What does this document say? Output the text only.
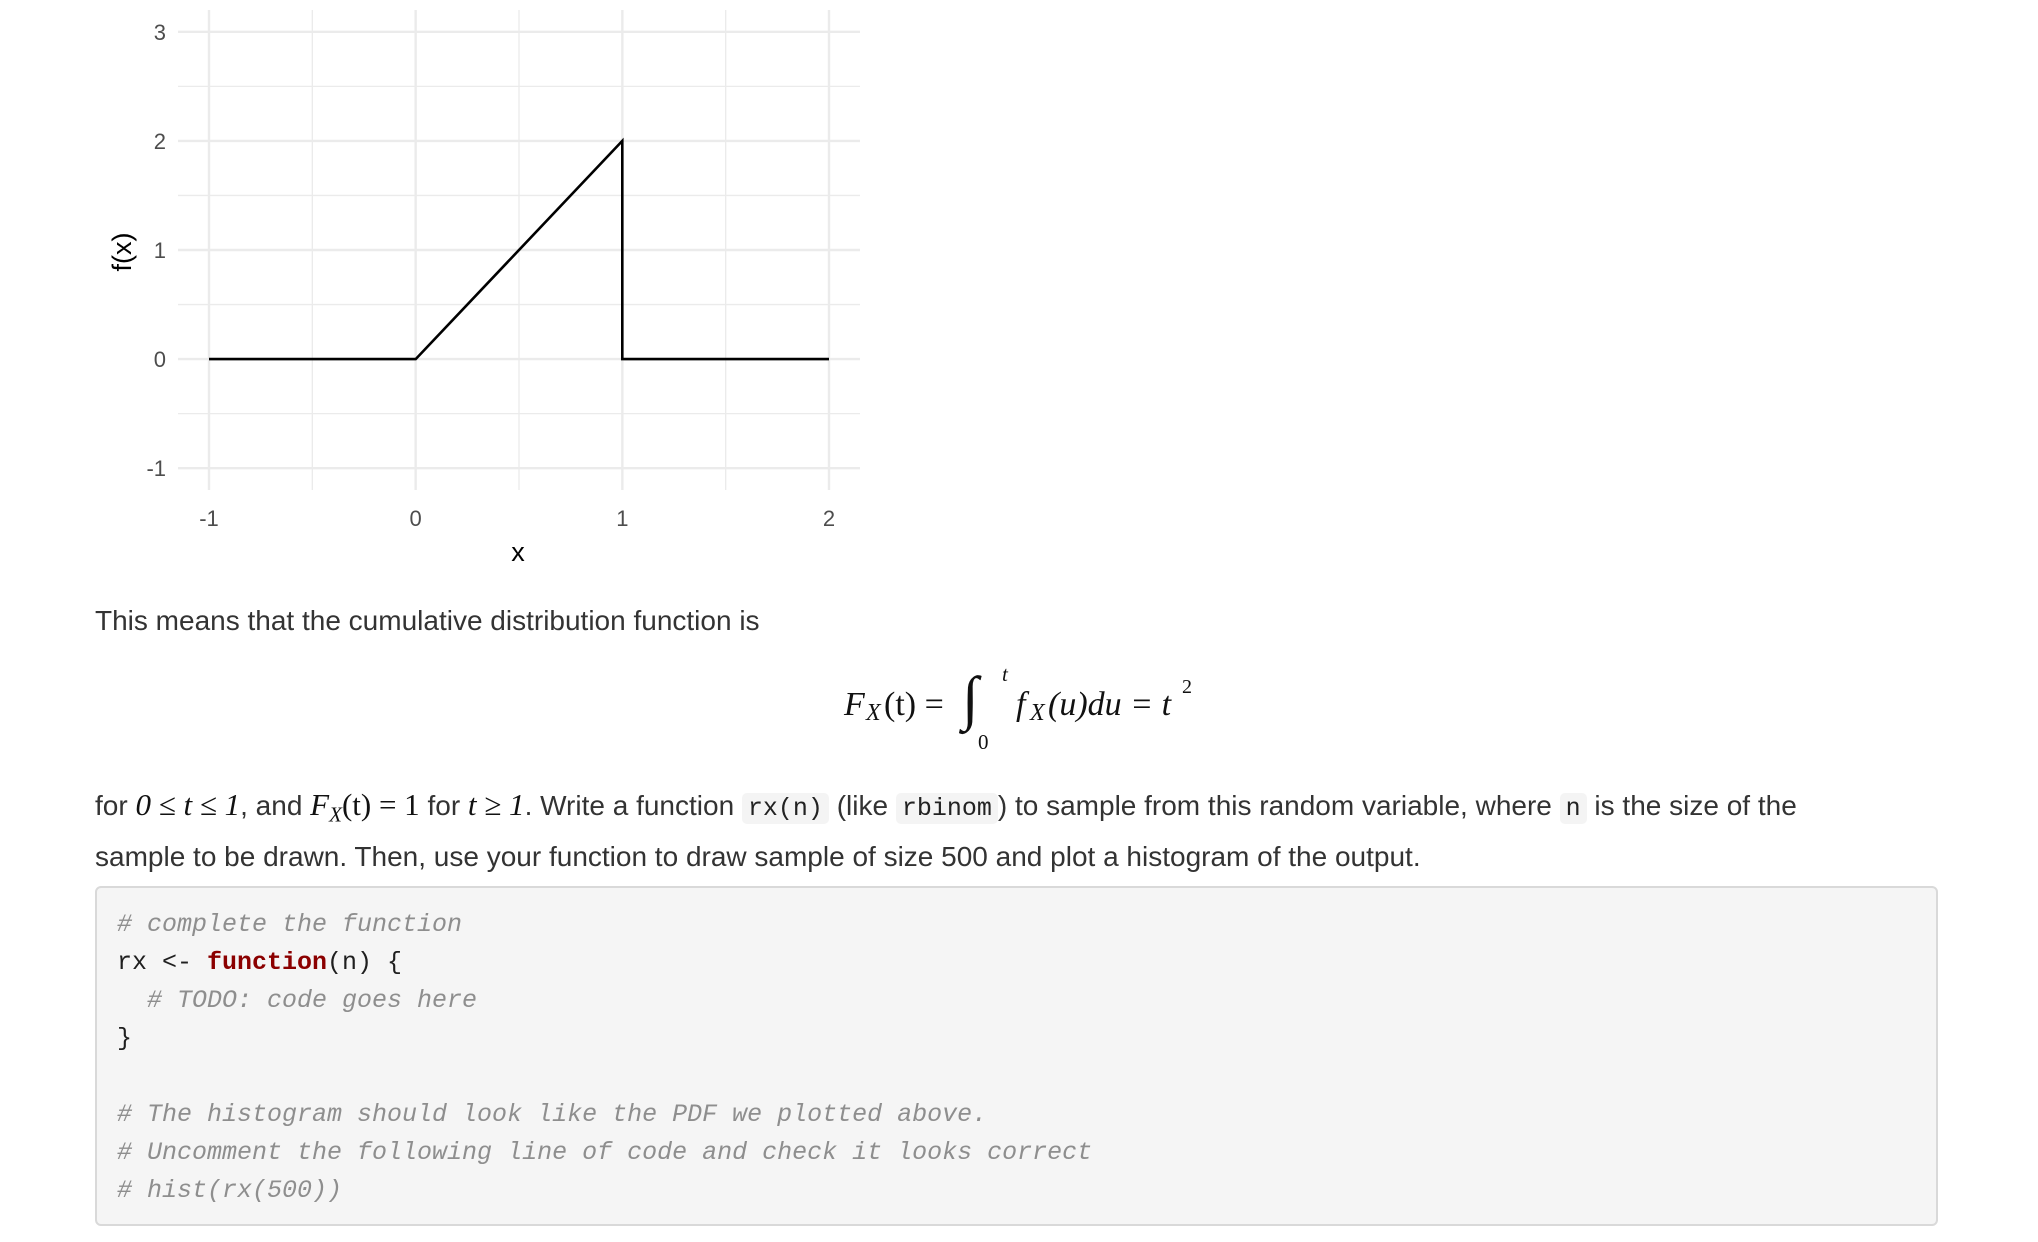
-1	0	1	2
-1
0
1
2
3
x
f(x)
This means that the cumulative distribution function is
F X (t) = ∫ t
0
f X (u)du = t 2
for 0 ≤ t ≤ 1, and $F_X(t) = 1$ for t ≥ 1. Write a function rx(n) (like rbinom ) to sample from this random variable, where n is the size of the
sample to be drawn. Then, use your function to draw sample of size 500 and plot a histogram of the output.
# complete the function
rx <- function(n) {
# TODO: code goes here
}
# The histogram should look like the PDF we plotted above.
# Uncomment the following line of code and check it looks correct
# hist(rx(500))
